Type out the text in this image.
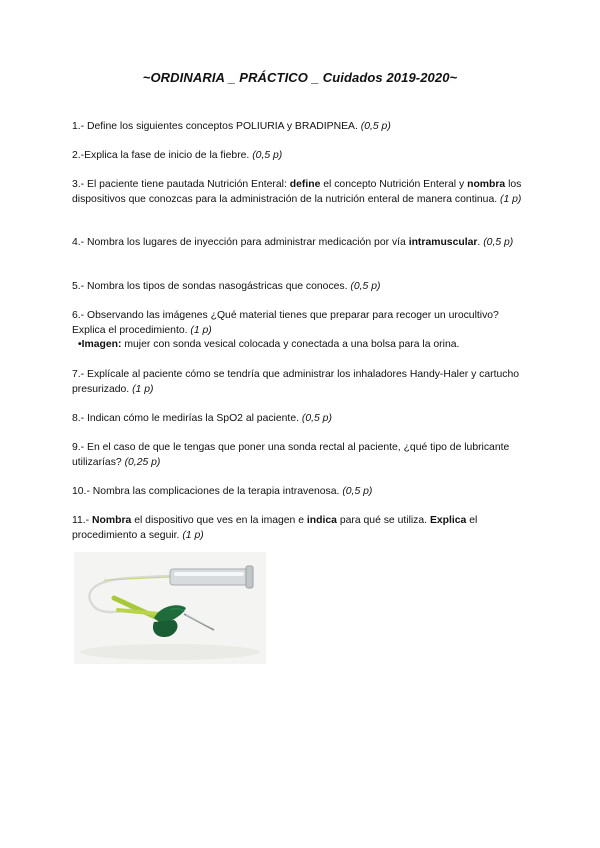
~ORDINARIA _ PRÁCTICO _ Cuidados 2019-2020~
1.- Define los siguientes conceptos POLIURIA y BRADIPNEA. (0,5 p)
2.-Explica la fase de inicio de la fiebre. (0,5 p)
3.- El paciente tiene pautada Nutrición Enteral: define el concepto Nutrición Enteral y nombra los dispositivos que conozcas para la administración de la nutrición enteral de manera continua. (1 p)
4.- Nombra los lugares de inyección para administrar medicación por vía intramuscular. (0,5 p)
5.- Nombra los tipos de sondas nasogástricas que conoces. (0,5 p)
6.- Observando las imágenes ¿Qué material tienes que preparar para recoger un urocultivo? Explica el procedimiento. (1 p)
•Imagen: mujer con sonda vesical colocada y conectada a una bolsa para la orina.
7.- Explícale al paciente cómo se tendría que administrar los inhaladores Handy-Haler y cartucho presurizado. (1 p)
8.- Indican cómo le medirías la SpO2 al paciente. (0,5 p)
9.- En el caso de que le tengas que poner una sonda rectal al paciente, ¿qué tipo de lubricante utilizarías? (0,25 p)
10.- Nombra las complicaciones de la terapia intravenosa. (0,5 p)
11.- Nombra el dispositivo que ves en la imagen e indica para qué se utiliza. Explica el procedimiento a seguir. (1 p)
